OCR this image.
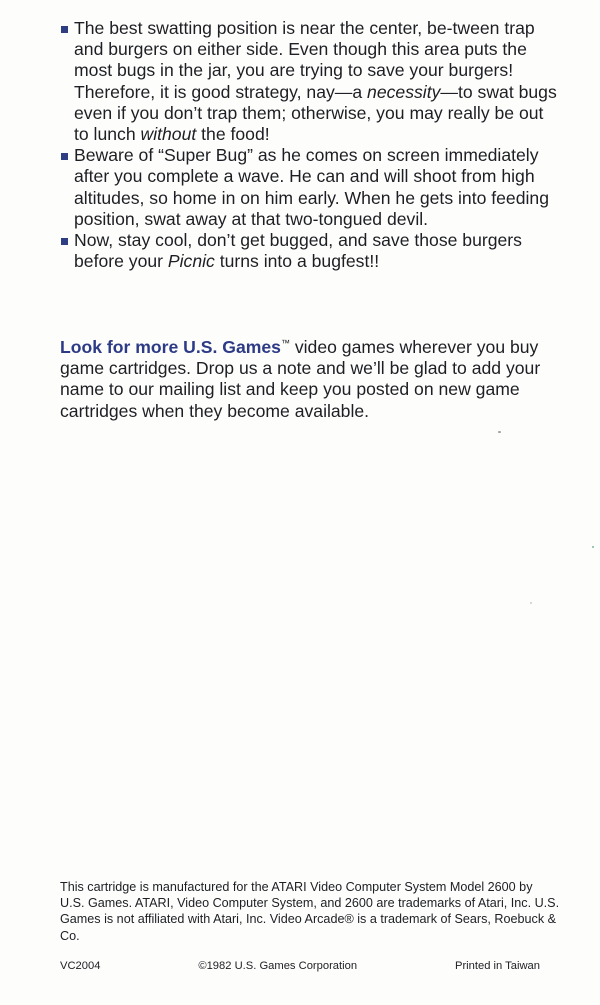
The best swatting position is near the center, be-tween trap and burgers on either side. Even though this area puts the most bugs in the jar, you are trying to save your burgers! Therefore, it is good strategy, nay—a necessity—to swat bugs even if you don’t trap them; otherwise, you may really be out to lunch without the food!
Beware of “Super Bug” as he comes on screen immediately after you complete a wave. He can and will shoot from high altitudes, so home in on him early. When he gets into feeding position, swat away at that two-tongued devil.
Now, stay cool, don’t get bugged, and save those burgers before your Picnic turns into a bugfest!!

Look for more U.S. Games™ video games wherever you buy game cartridges. Drop us a note and we’ll be glad to add your name to our mailing list and keep you posted on new game cartridges when they become available.

This cartridge is manufactured for the ATARI Video Computer System Model 2600 by U.S. Games. ATARI, Video Computer System, and 2600 are trademarks of Atari, Inc. U.S. Games is not affiliated with Atari, Inc. Video Arcade® is a trademark of Sears, Roebuck & Co.

VC2004	©1982 U.S. Games Corporation	Printed in Taiwan
